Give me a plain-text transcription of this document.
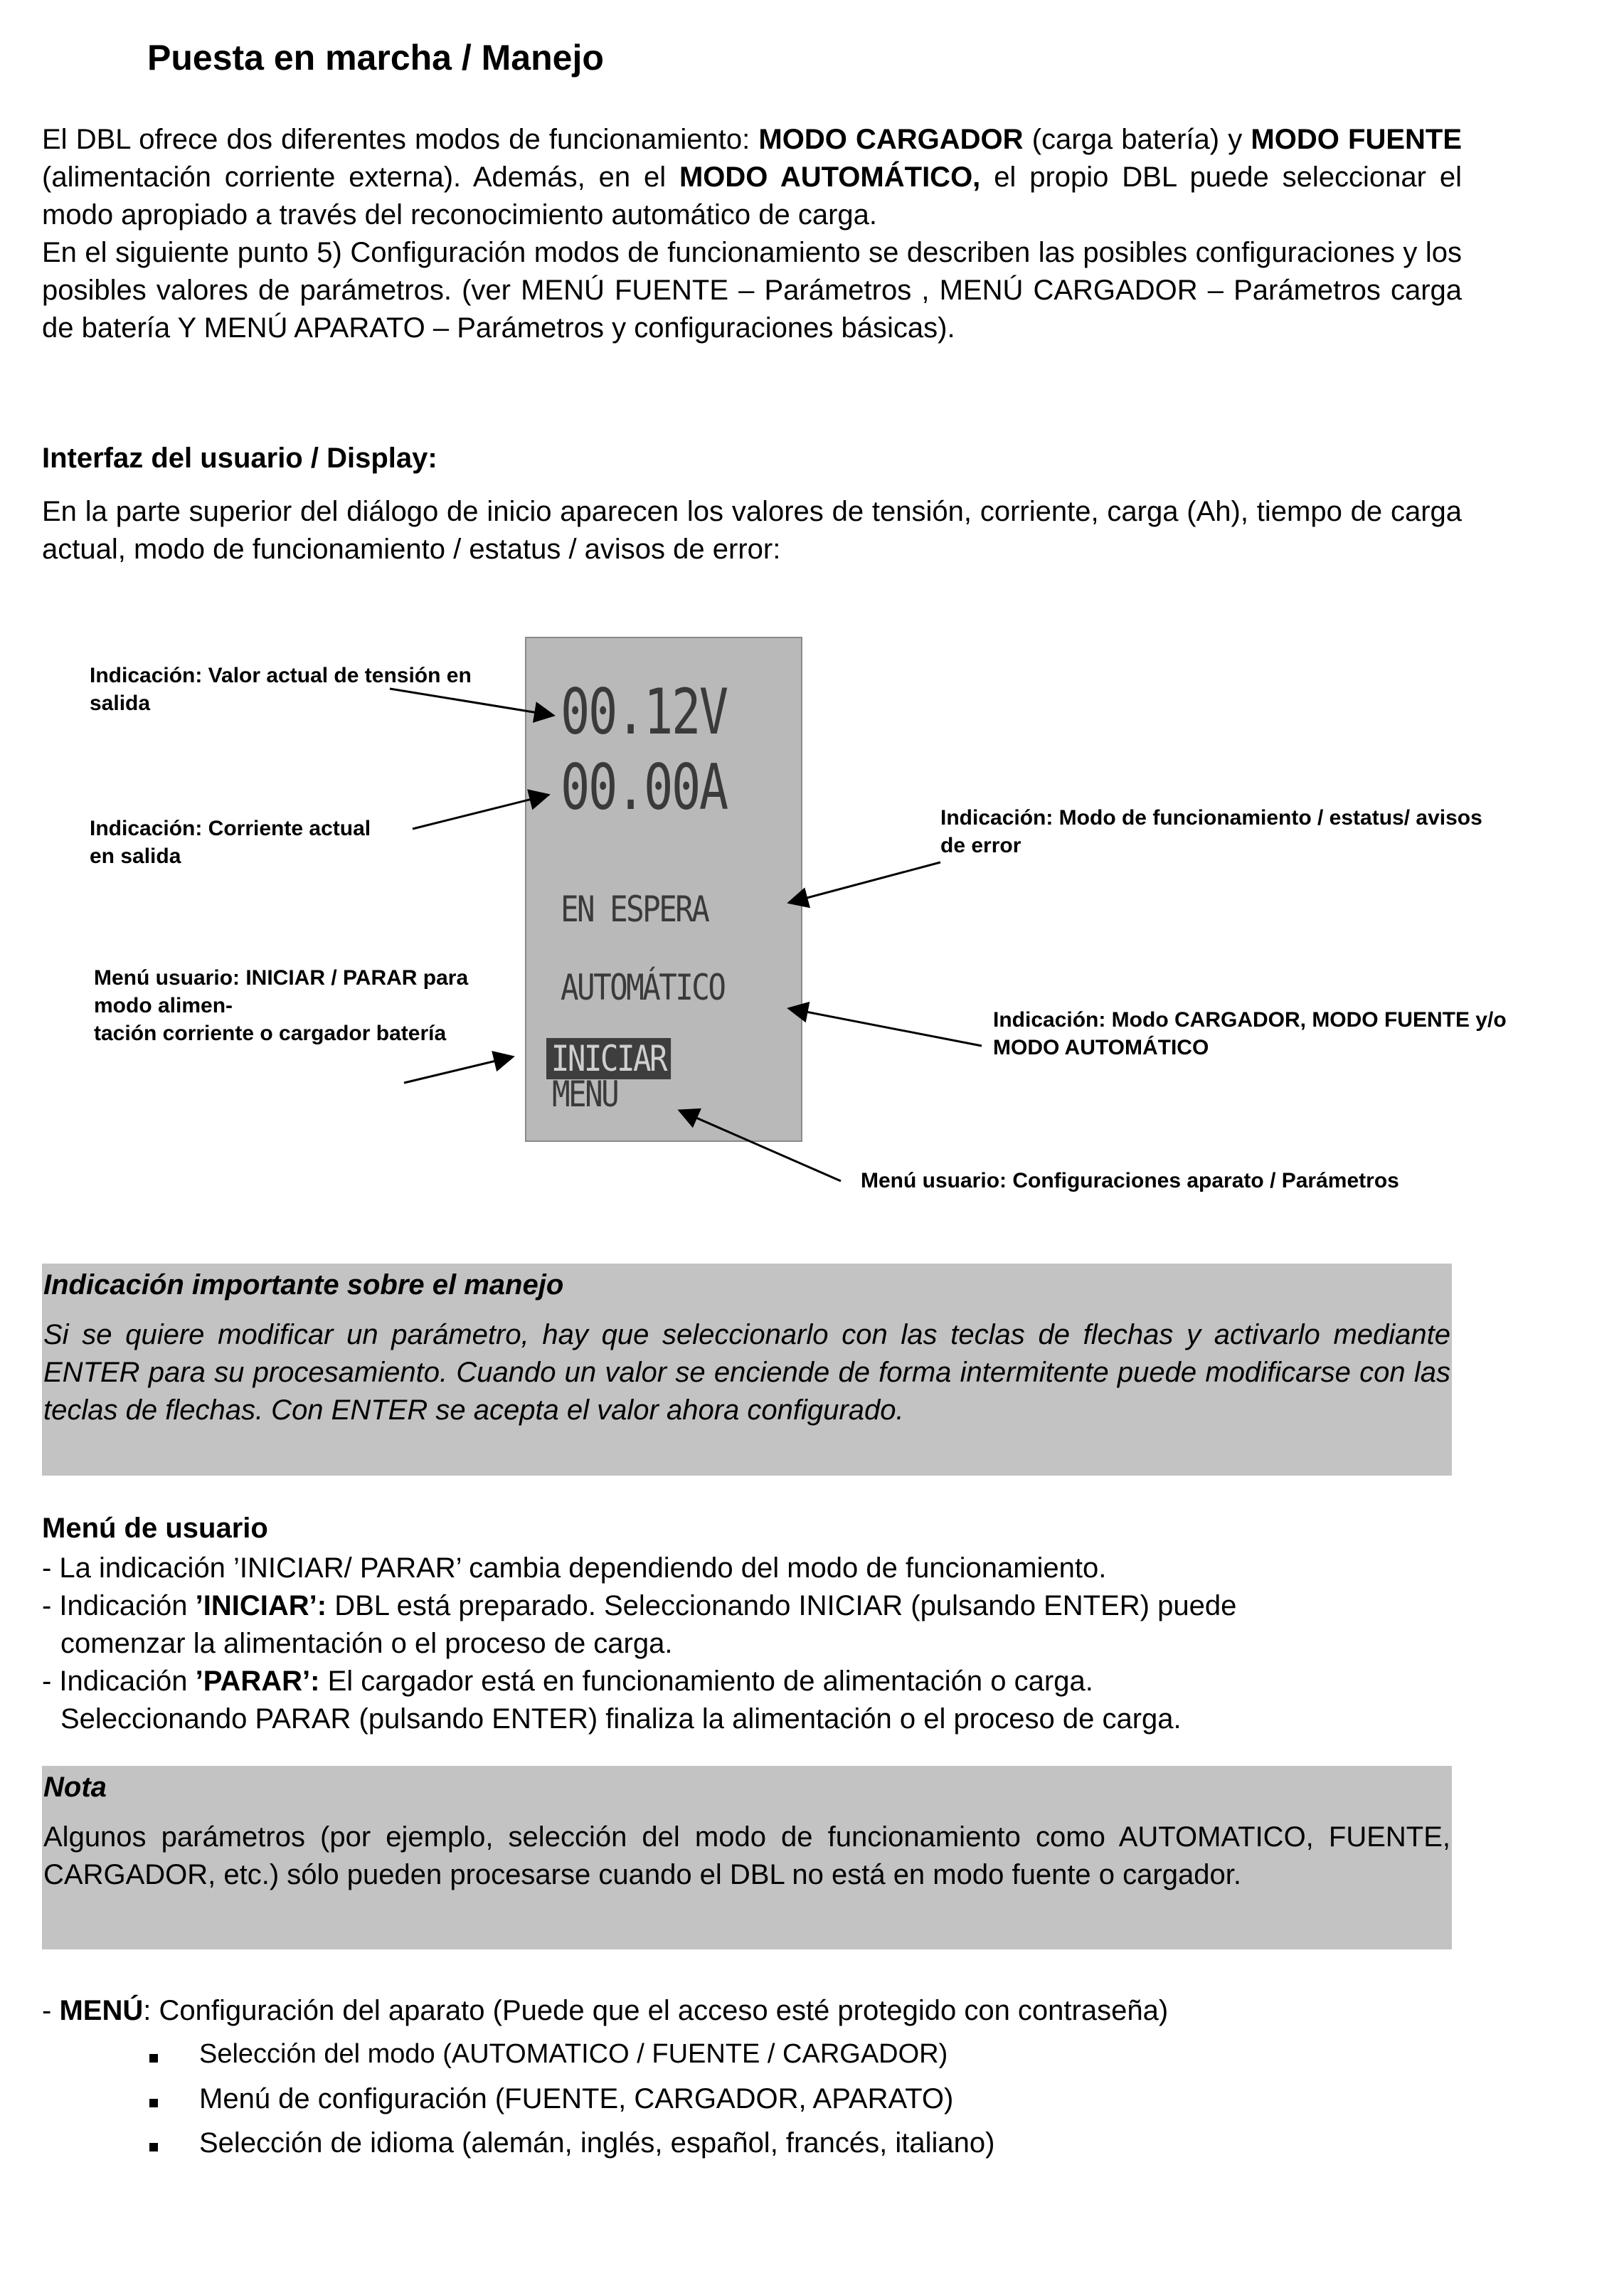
Puesta en marcha / Manejo
El DBL ofrece dos diferentes modos de funcionamiento: MODO CARGADOR (carga batería) y MODO FUENTE (alimentación corriente externa). Además, en el MODO AUTOMÁTICO, el propio DBL puede seleccionar el modo apropiado a través del reconocimiento automático de carga.
En el siguiente punto 5) Configuración modos de funcionamiento se describen las posibles configuraciones y los posibles valores de parámetros. (ver MENÚ FUENTE – Parámetros , MENÚ CARGADOR – Parámetros carga de batería Y MENÚ APARATO – Parámetros y configuraciones básicas).
Interfaz del usuario / Display:
En la parte superior del diálogo de inicio aparecen los valores de tensión, corriente, carga (Ah), tiempo de carga actual, modo de funcionamiento / estatus / avisos de error:
00.12V
00.00A
EN ESPERA
AUTOMÁTICO
INICIAR
MENÚ
Indicación: Valor actual de tensión en
salida
Indicación: Corriente actual
en salida
Indicación: Modo de funcionamiento / estatus/ avisos
de error
Menú usuario: INICIAR / PARAR para
modo alimen-
tación corriente o cargador batería
Indicación: Modo CARGADOR, MODO FUENTE y/o
MODO AUTOMÁTICO
Menú usuario: Configuraciones aparato / Parámetros
Indicación importante sobre el manejo
Si se quiere modificar un parámetro, hay que seleccionarlo con las teclas de flechas y activarlo mediante ENTER para su procesamiento. Cuando un valor se enciende de forma intermitente puede modificarse con las teclas de flechas. Con ENTER se acepta el valor ahora configurado.
Menú de usuario
- La indicación ’INICIAR/ PARAR’ cambia dependiendo del modo de funcionamiento.
- Indicación ’INICIAR’: DBL está preparado. Seleccionando INICIAR (pulsando ENTER) puede
comenzar la alimentación o el proceso de carga.
- Indicación ’PARAR’: El cargador está en funcionamiento de alimentación o carga.
Seleccionando PARAR (pulsando ENTER) finaliza la alimentación o el proceso de carga.
Nota
Algunos parámetros (por ejemplo, selección del modo de funcionamiento como AUTOMATICO, FUENTE, CARGADOR, etc.) sólo pueden procesarse cuando el DBL no está en modo fuente o cargador.
- MENÚ: Configuración del aparato (Puede que el acceso esté protegido con contraseña)
Selección del modo (AUTOMATICO / FUENTE / CARGADOR)
Menú de configuración (FUENTE, CARGADOR, APARATO)
Selección de idioma (alemán, inglés, español, francés, italiano)
